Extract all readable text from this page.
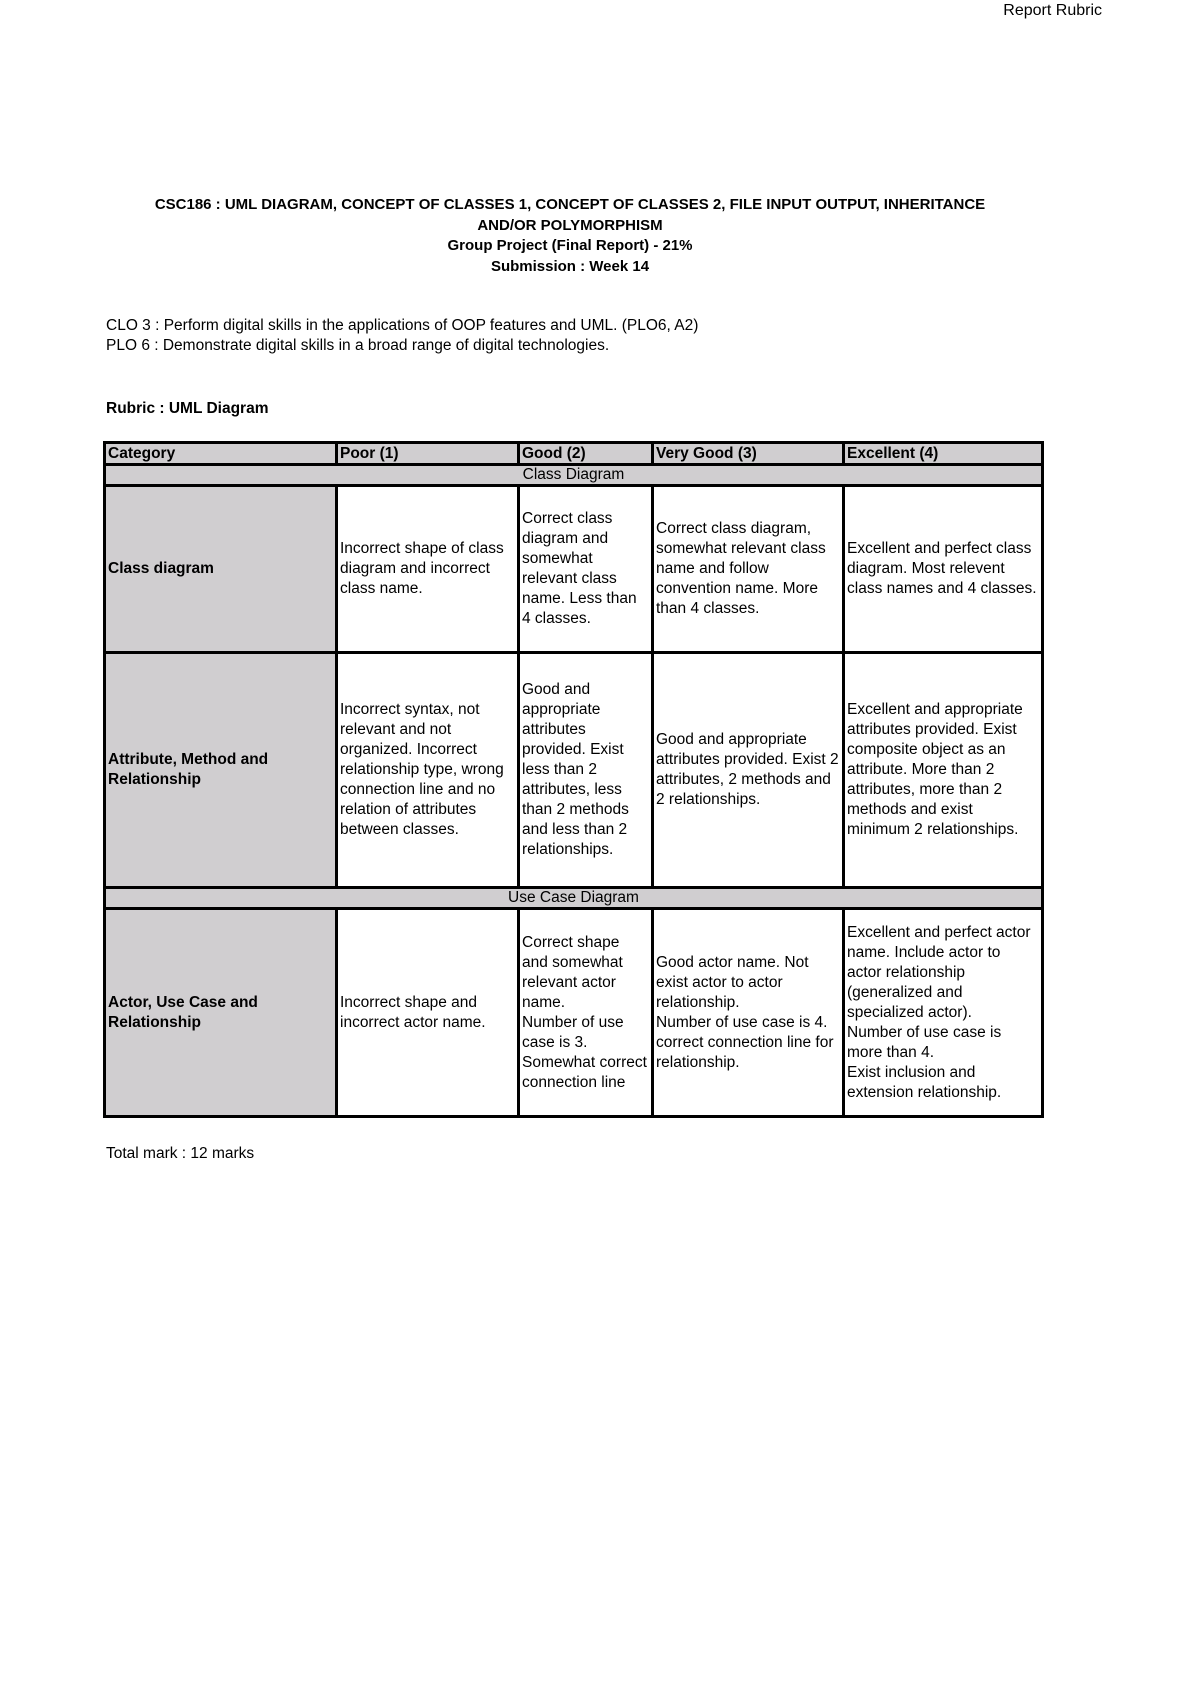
Report Rubric
CSC186 : UML DIAGRAM, CONCEPT OF CLASSES 1, CONCEPT OF CLASSES 2, FILE INPUT OUTPUT, INHERITANCE
AND/OR POLYMORPHISM
Group Project (Final Report) - 21%
Submission : Week 14
CLO 3 : Perform digital skills in the applications of OOP features and UML. (PLO6, A2)
PLO 6 : Demonstrate digital skills in a broad range of digital technologies.
Rubric : UML Diagram
Category	Poor (1)	Good (2)	Very Good (3)	Excellent (4)
Class Diagram				
Class diagram	Incorrect shape of class diagram and incorrect class name.	Correct class diagram and somewhat relevant class name. Less than 4 classes.	Correct class diagram, somewhat relevant class name and follow convention name. More than 4 classes.	Excellent and perfect class diagram. Most relevent class names and 4 classes.
Attribute, Method and Relationship	Incorrect syntax, not relevant and not organized. Incorrect relationship type, wrong connection line and no relation of attributes between classes.	Good and appropriate attributes provided. Exist less than 2 attributes, less than 2 methods and less than 2 relationships.	Good and appropriate attributes provided. Exist 2 attributes, 2 methods and 2 relationships.	Excellent and appropriate attributes provided. Exist composite object as an attribute. More than 2 attributes, more than 2 methods and exist minimum 2 relationships.
Use Case Diagram				
Actor, Use Case and Relationship	Incorrect shape and incorrect actor name.	Correct shape and somewhat relevant actor name.
Number of use case is 3.
Somewhat correct connection line	Good actor name. Not exist actor to actor relationship.
Number of use case is 4.
correct connection line for relationship.	Excellent and perfect actor name. Include actor to actor relationship (generalized and specialized actor).
Number of use case is more than 4.
Exist inclusion and extension relationship.
Total mark : 12 marks
